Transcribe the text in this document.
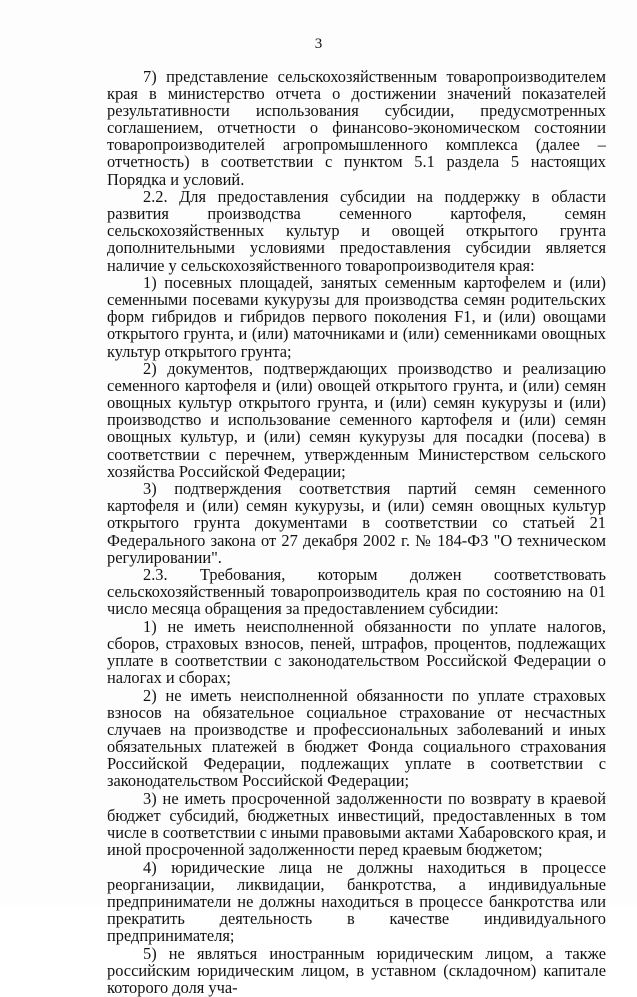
3

7) представление сельскохозяйственным товаропроизводителем края в министерство отчета о достижении значений показателей результативности использования субсидии, предусмотренных соглашением, отчетности о финансово-экономическом состоянии товаропроизводителей агропромышленного комплекса (далее – отчетность) в соответствии с пунктом 5.1 раздела 5 настоящих Порядка и условий.

2.2. Для предоставления субсидии на поддержку в области развития производства семенного картофеля, семян сельскохозяйственных культур и овощей открытого грунта дополнительными условиями предоставления субсидии является наличие у сельскохозяйственного товаропроизводителя края:

1) посевных площадей, занятых семенным картофелем и (или) семенными посевами кукурузы для производства семян родительских форм гибридов и гибридов первого поколения F1, и (или) овощами открытого грунта, и (или) маточниками и (или) семенниками овощных культур открытого грунта;

2) документов, подтверждающих производство и реализацию семенного картофеля и (или) овощей открытого грунта, и (или) семян овощных культур открытого грунта, и (или) семян кукурузы и (или) производство и использование семенного картофеля и (или) семян овощных культур, и (или) семян кукурузы для посадки (посева) в соответствии с перечнем, утвержденным Министерством сельского хозяйства Российской Федерации;

3) подтверждения соответствия партий семян семенного картофеля и (или) семян кукурузы, и (или) семян овощных культур открытого грунта документами в соответствии со статьей 21 Федерального закона от 27 декабря 2002 г. № 184-ФЗ "О техническом регулировании".

2.3. Требования, которым должен соответствовать сельскохозяйственный товаропроизводитель края по состоянию на 01 число месяца обращения за предоставлением субсидии:

1) не иметь неисполненной обязанности по уплате налогов, сборов, страховых взносов, пеней, штрафов, процентов, подлежащих уплате в соответствии с законодательством Российской Федерации о налогах и сборах;

2) не иметь неисполненной обязанности по уплате страховых взносов на обязательное социальное страхование от несчастных случаев на производстве и профессиональных заболеваний и иных обязательных платежей в бюджет Фонда социального страхования Российской Федерации, подлежащих уплате в соответствии с законодательством Российской Федерации;

3) не иметь просроченной задолженности по возврату в краевой бюджет субсидий, бюджетных инвестиций, предоставленных в том числе в соответствии с иными правовыми актами Хабаровского края, и иной просроченной задолженности перед краевым бюджетом;

4) юридические лица не должны находиться в процессе реорганизации, ликвидации, банкротства, а индивидуальные предприниматели не должны находиться в процессе банкротства или прекратить деятельность в качестве индивидуального предпринимателя;

5) не являться иностранным юридическим лицом, а также российским юридическим лицом, в уставном (складочном) капитале которого доля уча-
